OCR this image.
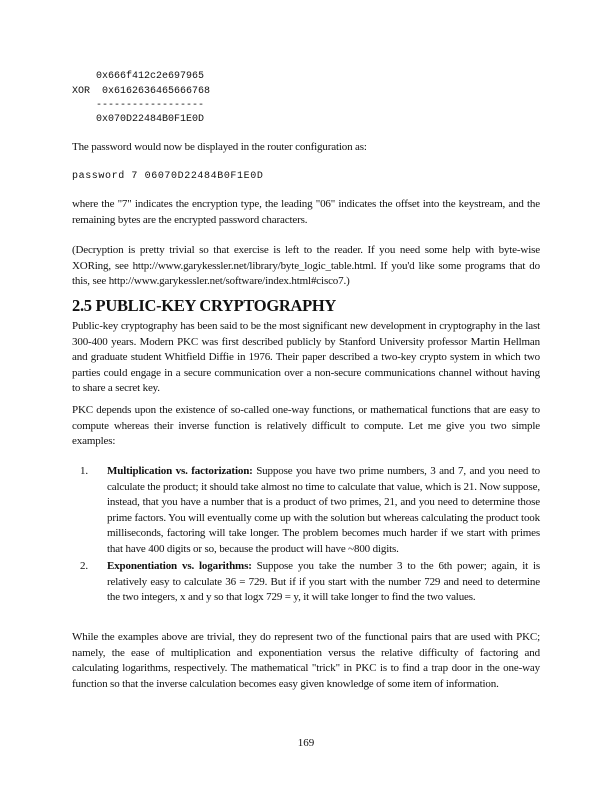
0x666f412c2e697965
XOR  0x6162636465666768
------------------
0x070D22484B0F1E0D

The password would now be displayed in the router configuration as:

password 7 06070D22484B0F1E0D

where the "7" indicates the encryption type, the leading "06" indicates the offset into the keystream, and the remaining bytes are the encrypted password characters.

(Decryption is pretty trivial so that exercise is left to the reader. If you need some help with byte-wise XORing, see http://www.garykessler.net/library/byte_logic_table.html. If you'd like some programs that do this, see http://www.garykessler.net/software/index.html#cisco7.)

2.5 PUBLIC-KEY CRYPTOGRAPHY

Public-key cryptography has been said to be the most significant new development in cryptography in the last 300-400 years. Modern PKC was first described publicly by Stanford University professor Martin Hellman and graduate student Whitfield Diffie in 1976. Their paper described a two-key crypto system in which two parties could engage in a secure communication over a non-secure communications channel without having to share a secret key.

PKC depends upon the existence of so-called one-way functions, or mathematical functions that are easy to compute whereas their inverse function is relatively difficult to compute. Let me give you two simple examples:

1. Multiplication vs. factorization: Suppose you have two prime numbers, 3 and 7, and you need to calculate the product; it should take almost no time to calculate that value, which is 21. Now suppose, instead, that you have a number that is a product of two primes, 21, and you need to determine those prime factors. You will eventually come up with the solution but whereas calculating the product took milliseconds, factoring will take longer. The problem becomes much harder if we start with primes that have 400 digits or so, because the product will have ~800 digits.
2. Exponentiation vs. logarithms: Suppose you take the number 3 to the 6th power; again, it is relatively easy to calculate 36 = 729. But if if you start with the number 729 and need to determine the two integers, x and y so that logx 729 = y, it will take longer to find the two values.

While the examples above are trivial, they do represent two of the functional pairs that are used with PKC; namely, the ease of multiplication and exponentiation versus the relative difficulty of factoring and calculating logarithms, respectively. The mathematical "trick" in PKC is to find a trap door in the one-way function so that the inverse calculation becomes easy given knowledge of some item of information.

169
